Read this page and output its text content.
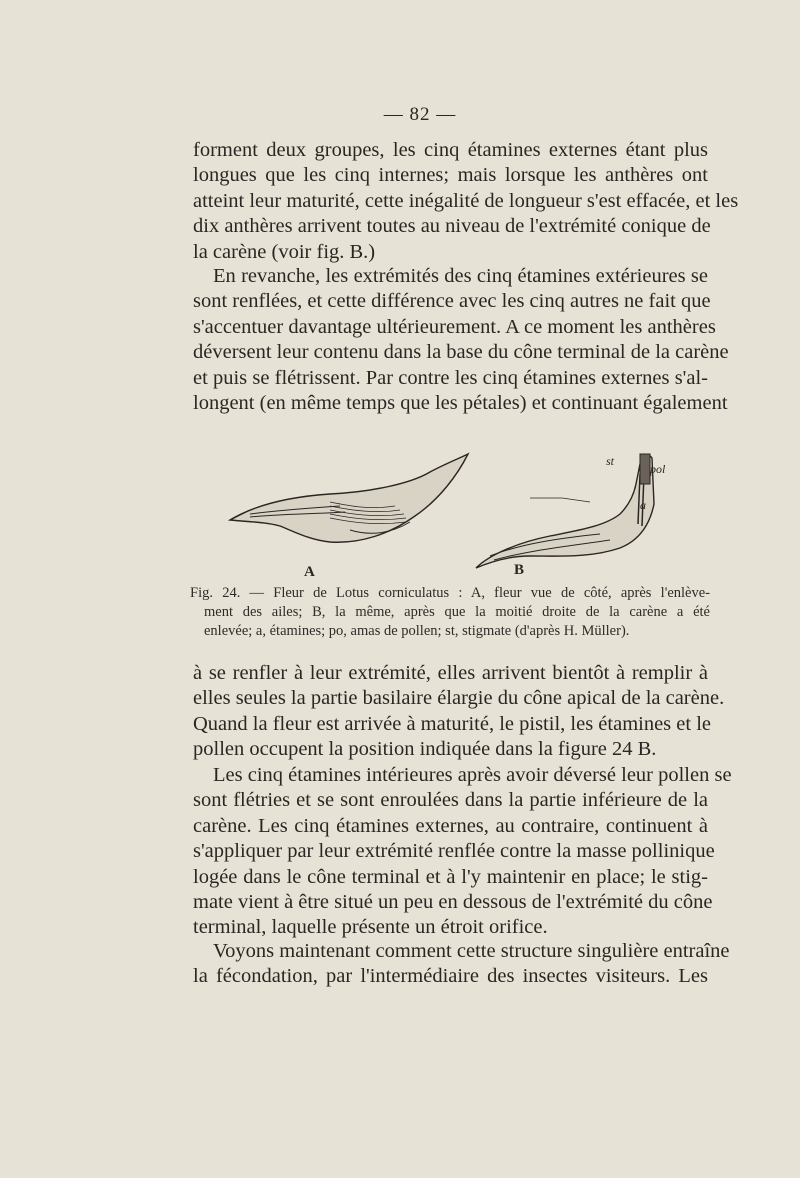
— 82 —
forment deux groupes, les cinq étamines externes étant plus
longues que les cinq internes; mais lorsque les anthères ont
atteint leur maturité, cette inégalité de longueur s'est effacée, et les
dix anthères arrivent toutes au niveau de l'extrémité conique de
la carène (voir fig. B.)
En revanche, les extrémités des cinq étamines extérieures se
sont renflées, et cette différence avec les cinq autres ne fait que
s'accentuer davantage ultérieurement. A ce moment les anthères
déversent leur contenu dans la base du cône terminal de la carène
et puis se flétrissent. Par contre les cinq étamines externes s'al-
longent (en même temps que les pétales) et continuant également
A	B
st
pol
a
Fig. 24. — Fleur de Lotus corniculatus : A, fleur vue de côté, après l'enlève-
ment des ailes; B, la même, après que la moitié droite de la carène a été
enlevée; a, étamines; po, amas de pollen; st, stigmate (d'après H. Müller).
à se renfler à leur extrémité, elles arrivent bientôt à remplir à
elles seules la partie basilaire élargie du cône apical de la carène.
Quand la fleur est arrivée à maturité, le pistil, les étamines et le
pollen occupent la position indiquée dans la figure 24 B.
Les cinq étamines intérieures après avoir déversé leur pollen se
sont flétries et se sont enroulées dans la partie inférieure de la
carène. Les cinq étamines externes, au contraire, continuent à
s'appliquer par leur extrémité renflée contre la masse pollinique
logée dans le cône terminal et à l'y maintenir en place; le stig-
mate vient à être situé un peu en dessous de l'extrémité du cône
terminal, laquelle présente un étroit orifice.
Voyons maintenant comment cette structure singulière entraîne
la fécondation, par l'intermédiaire des insectes visiteurs. Les
